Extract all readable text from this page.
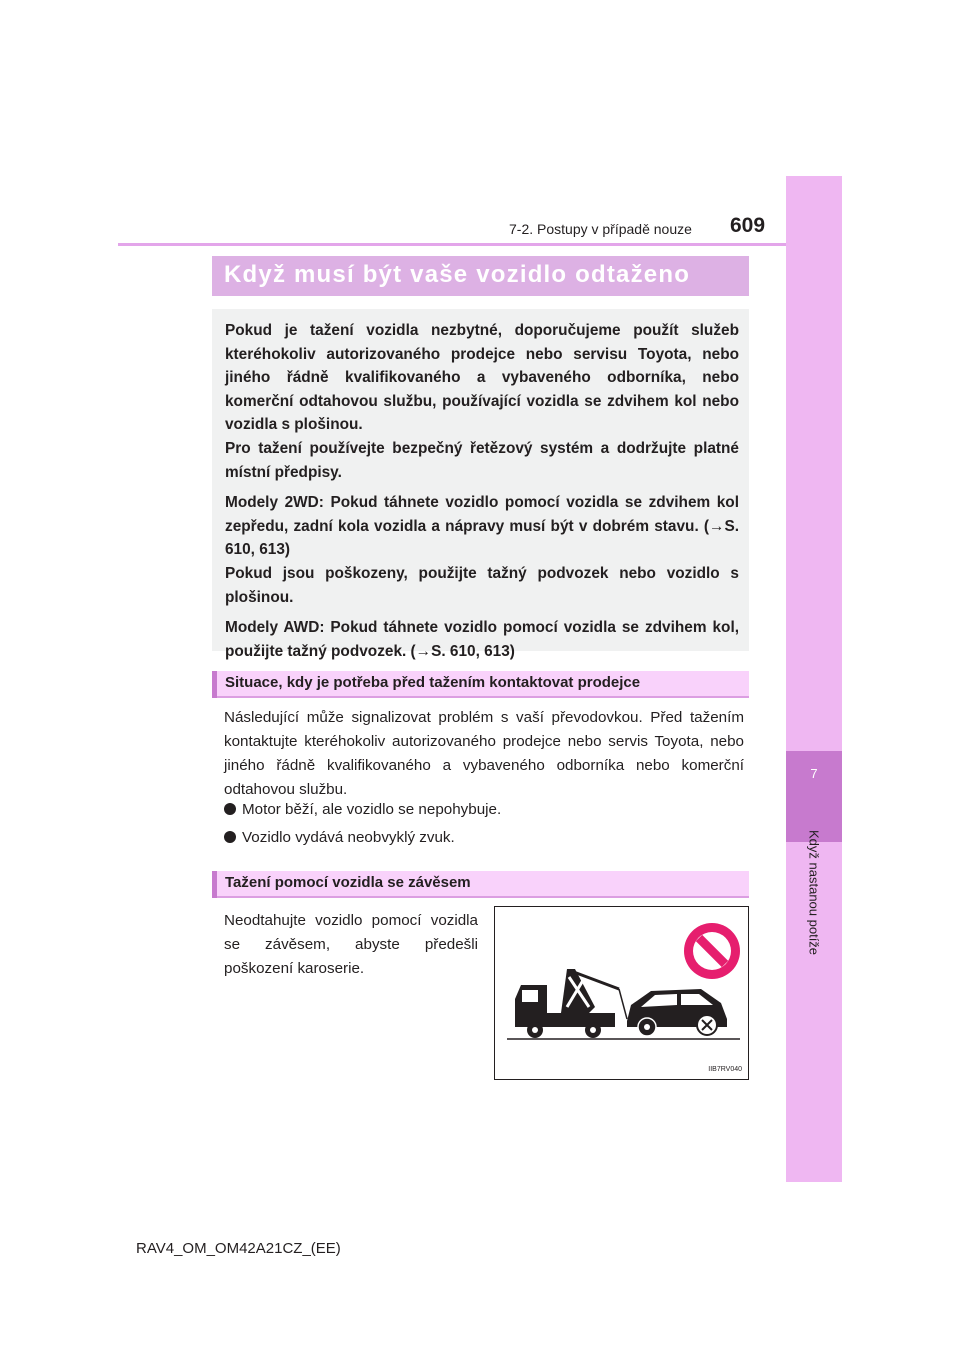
7
Když nastanou potíže
7-2. Postupy v případě nouze 609
Když musí být vaše vozidlo odtaženo

Pokud je tažení vozidla nezbytné, doporučujeme použít služeb kteréhokoliv autorizovaného prodejce nebo servisu Toyota, nebo jiného řádně kvalifikovaného a vybaveného odborníka, nebo komerční odtahovou službu, používající vozidla se zdvihem kol nebo vozidla s plošinou.
Pro tažení používejte bezpečný řetězový systém a dodržujte platné místní předpisy.

Modely 2WD: Pokud táhnete vozidlo pomocí vozidla se zdvihem kol zepředu, zadní kola vozidla a nápravy musí být v dobrém stavu. (→S. 610, 613)
Pokud jsou poškozeny, použijte tažný podvozek nebo vozidlo s plošinou.

Modely AWD: Pokud táhnete vozidlo pomocí vozidla se zdvihem kol, použijte tažný podvozek. (→S. 610, 613)

Situace, kdy je potřeba před tažením kontaktovat prodejce
Následující může signalizovat problém s vaší převodovkou. Před tažením kontaktujte kteréhokoliv autorizovaného prodejce nebo servis Toyota, nebo jiného řádně kvalifikovaného a vybaveného odborníka nebo komerční odtahovou službu.
Motor běží, ale vozidlo se nepohybuje.
Vozidlo vydává neobvyklý zvuk.
Tažení pomocí vozidla se závěsem
Neodtahujte vozidlo pomocí vozidla se závěsem, abyste předešli poškození karoserie.
IIB7RV040
RAV4_OM_OM42A21CZ_(EE)
